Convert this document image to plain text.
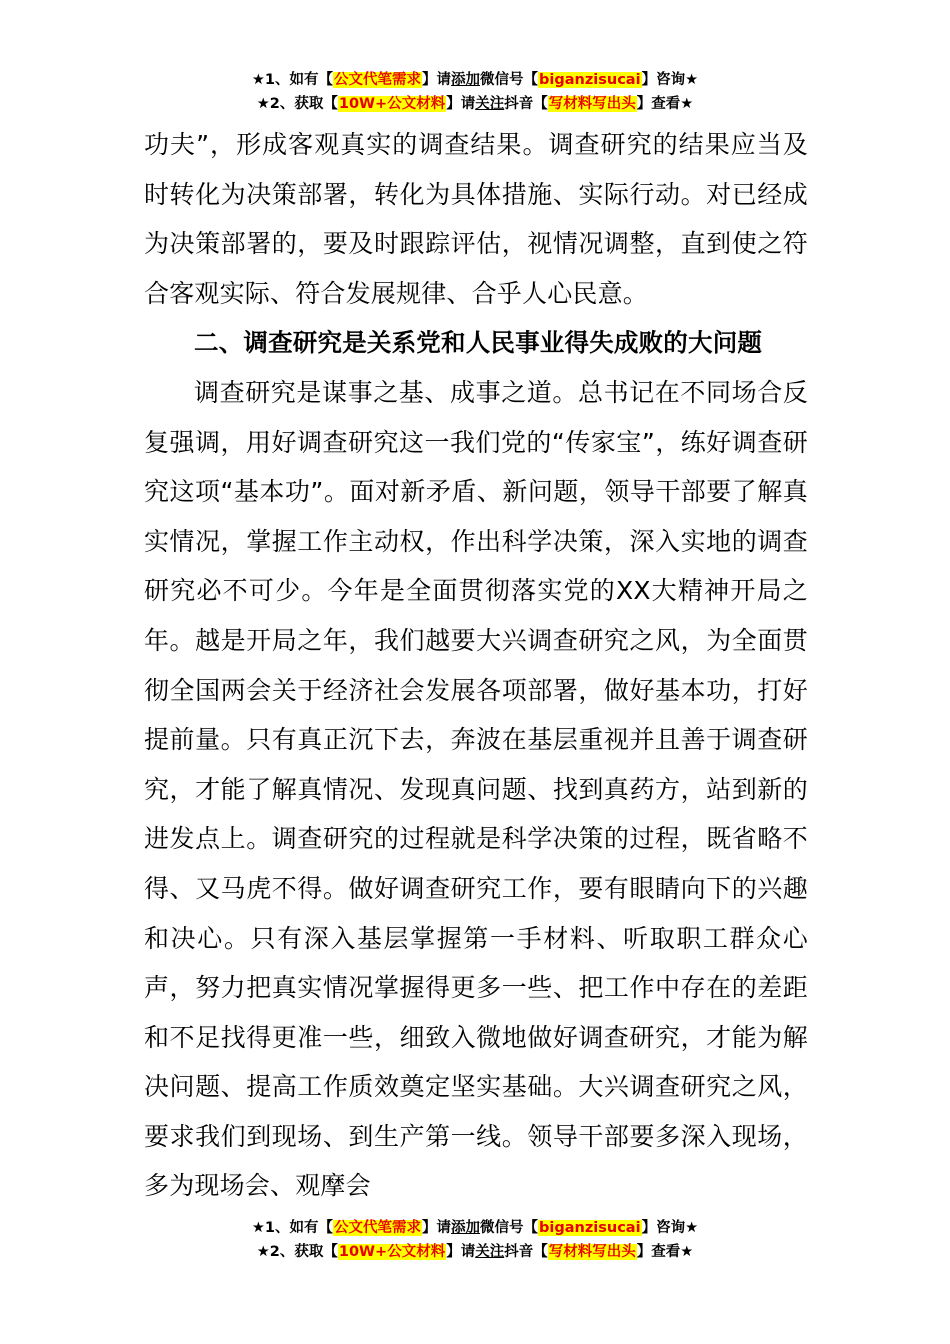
★1、如有【公文代笔需求】请添加微信号【biganzisucai】咨询★
★2、获取【10W+公文材料】请关注抖音【写材料写出头】查看★

功夫”，形成客观真实的调查结果。调查研究的结果应当及时转化为决策部署，转化为具体措施、实际行动。对已经成为决策部署的，要及时跟踪评估，视情况调整，直到使之符合客观实际、符合发展规律、合乎人心民意。

二、调查研究是关系党和人民事业得失成败的大问题

调查研究是谋事之基、成事之道。总书记在不同场合反复强调，用好调查研究这一我们党的“传家宝”，练好调查研究这项“基本功”。面对新矛盾、新问题，领导干部要了解真实情况，掌握工作主动权，作出科学决策，深入实地的调查研究必不可少。今年是全面贯彻落实党的XX大精神开局之年。越是开局之年，我们越要大兴调查研究之风，为全面贯彻全国两会关于经济社会发展各项部署，做好基本功，打好提前量。只有真正沉下去，奔波在基层重视并且善于调查研究，才能了解真情况、发现真问题、找到真药方，站到新的进发点上。调查研究的过程就是科学决策的过程，既省略不得、又马虎不得。做好调查研究工作，要有眼睛向下的兴趣和决心。只有深入基层掌握第一手材料、听取职工群众心声，努力把真实情况掌握得更多一些、把工作中存在的差距和不足找得更准一些，细致入微地做好调查研究，才能为解决问题、提高工作质效奠定坚实基础。大兴调查研究之风，要求我们到现场、到生产第一线。领导干部要多深入现场，多为现场会、观摩会

★1、如有【公文代笔需求】请添加微信号【biganzisucai】咨询★
★2、获取【10W+公文材料】请关注抖音【写材料写出头】查看★
